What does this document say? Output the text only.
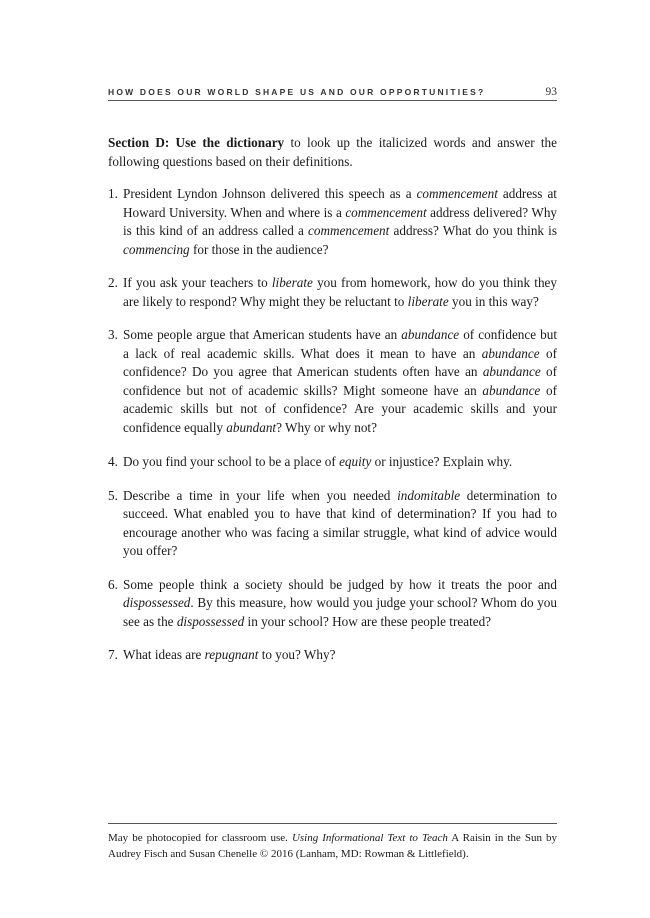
HOW DOES OUR WORLD SHAPE US AND OUR OPPORTUNITIES?	93

Section D: Use the dictionary to look up the italicized words and answer the following questions based on their definitions.

1. President Lyndon Johnson delivered this speech as a commencement address at Howard University. When and where is a commencement address delivered? Why is this kind of an address called a commencement address? What do you think is commencing for those in the audience?
2. If you ask your teachers to liberate you from homework, how do you think they are likely to respond? Why might they be reluctant to liberate you in this way?
3. Some people argue that American students have an abundance of confidence but a lack of real academic skills. What does it mean to have an abundance of confidence? Do you agree that American students often have an abundance of confidence but not of academic skills? Might someone have an abundance of academic skills but not of confidence? Are your academic skills and your confidence equally abundant? Why or why not?
4. Do you find your school to be a place of equity or injustice? Explain why.
5. Describe a time in your life when you needed indomitable determination to succeed. What enabled you to have that kind of determination? If you had to encourage another who was facing a similar struggle, what kind of advice would you offer?
6. Some people think a society should be judged by how it treats the poor and dispossessed. By this measure, how would you judge your school? Whom do you see as the dispossessed in your school? How are these people treated?
7. What ideas are repugnant to you? Why?

May be photocopied for classroom use. Using Informational Text to Teach A Raisin in the Sun by Audrey Fisch and Susan Chenelle © 2016 (Lanham, MD: Rowman & Littlefield).
